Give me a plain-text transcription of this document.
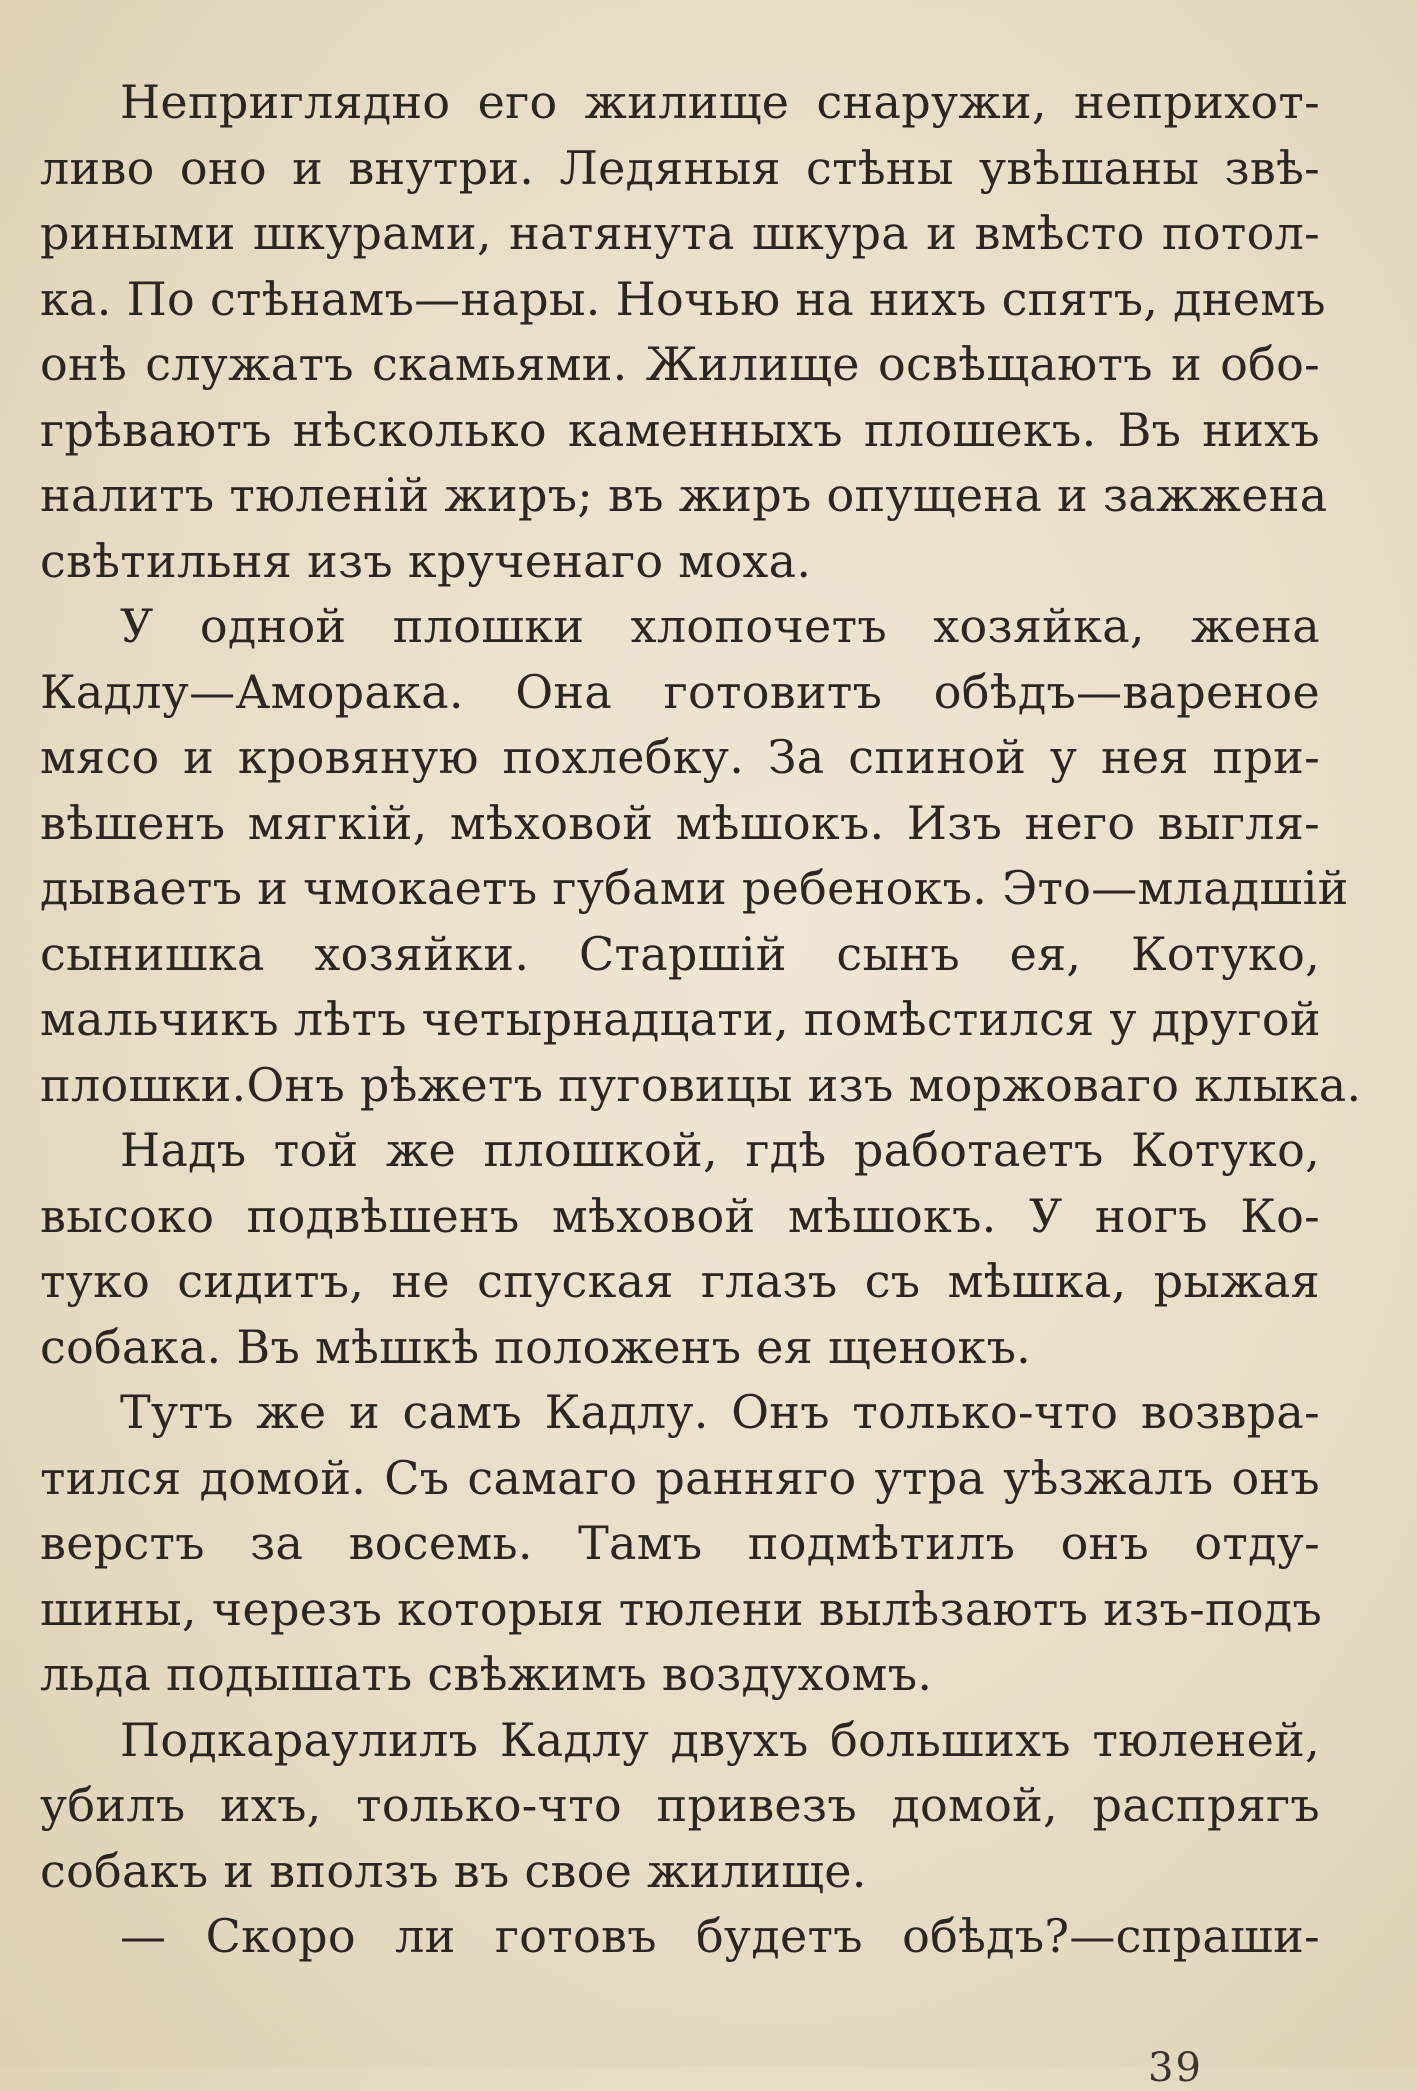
Неприглядно его жилище снаружи, неприхот-
ливо оно и внутри. Ледяныя стѣны увѣшаны звѣ-
риными шкурами, натянута шкура и вмѣсто потол-
ка. По стѣнамъ—нары. Ночью на нихъ спятъ, днемъ
онѣ служатъ скамьями. Жилище освѣщаютъ и обо-
грѣваютъ нѣсколько каменныхъ плошекъ. Въ нихъ
налитъ тюленій жиръ; въ жиръ опущена и зажжена
свѣтильня изъ крученаго моха.

У одной плошки хлопочетъ хозяйка, жена
Кадлу—Аморака. Она готовитъ обѣдъ—вареное
мясо и кровяную похлебку. За спиной у нея при-
вѣшенъ мягкій, мѣховой мѣшокъ. Изъ него выгля-
дываетъ и чмокаетъ губами ребенокъ. Это—младшій
сынишка хозяйки. Старшій сынъ ея, Котуко,
мальчикъ лѣтъ четырнадцати, помѣстился у другой
плошки.Онъ рѣжетъ пуговицы изъ моржоваго клыка.

Надъ той же плошкой, гдѣ работаетъ Котуко,
высоко подвѣшенъ мѣховой мѣшокъ. У ногъ Ко-
туко сидитъ, не спуская глазъ съ мѣшка, рыжая
собака. Въ мѣшкѣ положенъ ея щенокъ.

Тутъ же и самъ Кадлу. Онъ только-что возвра-
тился домой. Съ самаго ранняго утра уѣзжалъ онъ
верстъ за восемь. Тамъ подмѣтилъ онъ отду-
шины, черезъ которыя тюлени вылѣзаютъ изъ-подъ
льда подышать свѣжимъ воздухомъ.

Подкараулилъ Кадлу двухъ большихъ тюленей,
убилъ ихъ, только-что привезъ домой, распрягъ
собакъ и вползъ въ свое жилище.

— Скоро ли готовъ будетъ обѣдъ?—спраши-

39
